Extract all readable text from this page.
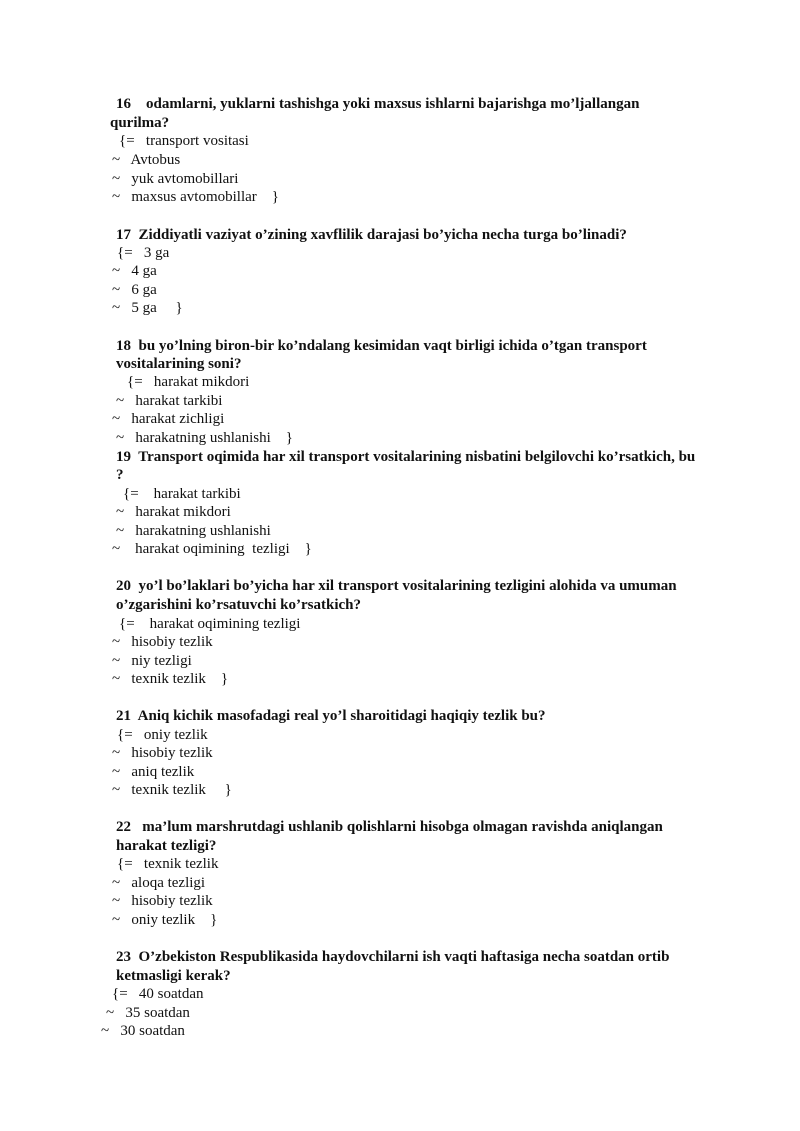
16    odamlarni, yuklarni tashishga yoki maxsus ishlarni bajarishga mo’ljallangan
qurilma?
{=   transport vositasi
~   Avtobus
~   yuk avtomobillari
~   maxsus avtomobillar    }
17  Ziddiyatli vaziyat o’zining xavflilik darajasi bo’yicha necha turga bo’linadi?
{=   3 ga
~   4 ga
~   6 ga
~   5 ga     }
18  bu yo’lning biron-bir ko’ndalang kesimidan vaqt birligi ichida o’tgan transport
vositalarining soni?
{=   harakat mikdori
~   harakat tarkibi
~   harakat zichligi
~   harakatning ushlanishi    }
19  Transport oqimida har xil transport vositalarining nisbatini belgilovchi ko’rsatkich, bu
?
{=    harakat tarkibi
~   harakat mikdori
~   harakatning ushlanishi
~    harakat oqimining  tezligi    }
20  yo’l bo’laklari bo’yicha har xil transport vositalarining tezligini alohida va umuman
o’zgarishini ko’rsatuvchi ko’rsatkich?
{=    harakat oqimining tezligi
~   hisobiy tezlik
~   niy tezligi
~   texnik tezlik    }
21  Aniq kichik masofadagi real yo’l sharoitidagi haqiqiy tezlik bu?
{=   oniy tezlik
~   hisobiy tezlik
~   aniq tezlik
~   texnik tezlik     }
22   ma’lum marshrutdagi ushlanib qolishlarni hisobga olmagan ravishda aniqlangan
harakat tezligi?
{=   texnik tezlik
~   aloqa tezligi
~   hisobiy tezlik
~   oniy tezlik    }
23  O’zbekiston Respublikasida haydovchilarni ish vaqti haftasiga necha soatdan ortib
ketmasligi kerak?
{=   40 soatdan
~   35 soatdan
~   30 soatdan
